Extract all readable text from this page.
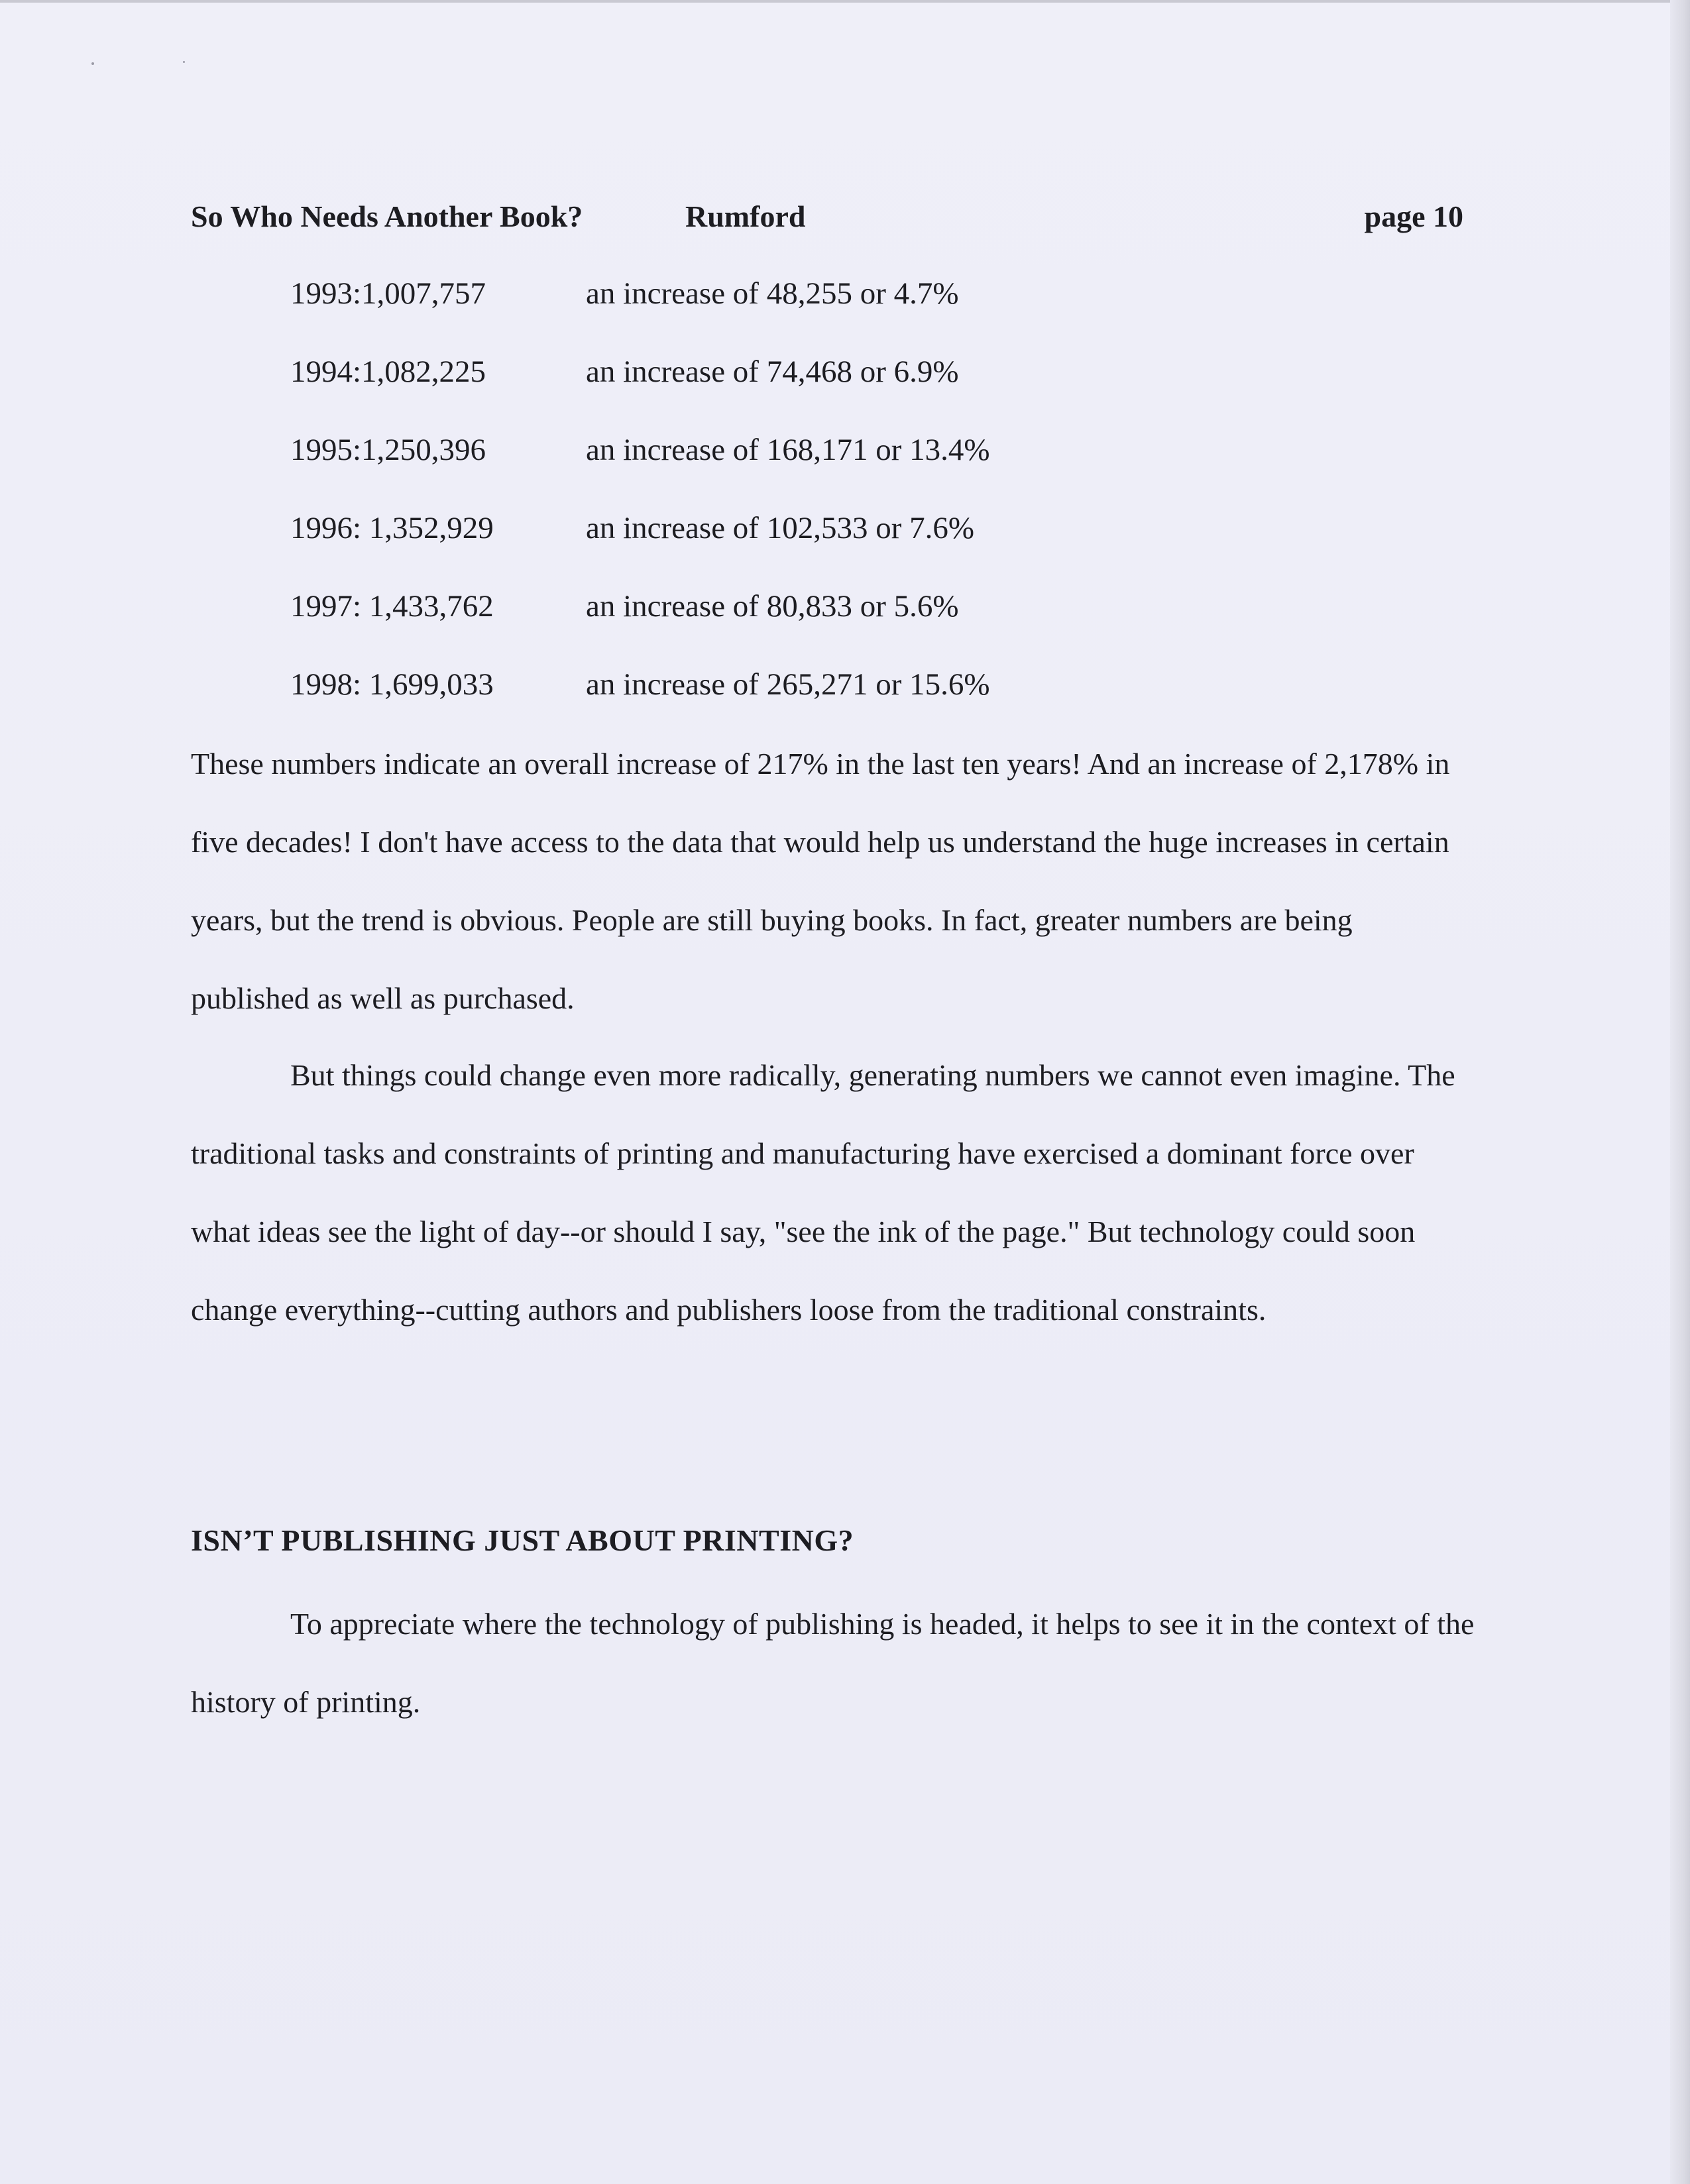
So Who Needs Another Book?	Rumford	page 10
1993:1,007,757	an increase of 48,255 or 4.7%
1994:1,082,225	an increase of 74,468 or 6.9%
1995:1,250,396	an increase of 168,171 or 13.4%
1996: 1,352,929	an increase of 102,533 or 7.6%
1997: 1,433,762	an increase of 80,833 or 5.6%
1998: 1,699,033	an increase of 265,271 or 15.6%

These numbers indicate an overall increase of 217% in the last ten years! And an increase of 2,178% in five decades! I don't have access to the data that would help us understand the huge increases in certain years, but the trend is obvious. People are still buying books. In fact, greater numbers are being published as well as purchased.

But things could change even more radically, generating numbers we cannot even imagine. The traditional tasks and constraints of printing and manufacturing have exercised a dominant force over what ideas see the light of day--or should I say, "see the ink of the page." But technology could soon change everything--cutting authors and publishers loose from the traditional constraints.

ISN’T PUBLISHING JUST ABOUT PRINTING?

To appreciate where the technology of publishing is headed, it helps to see it in the context of the history of printing.
